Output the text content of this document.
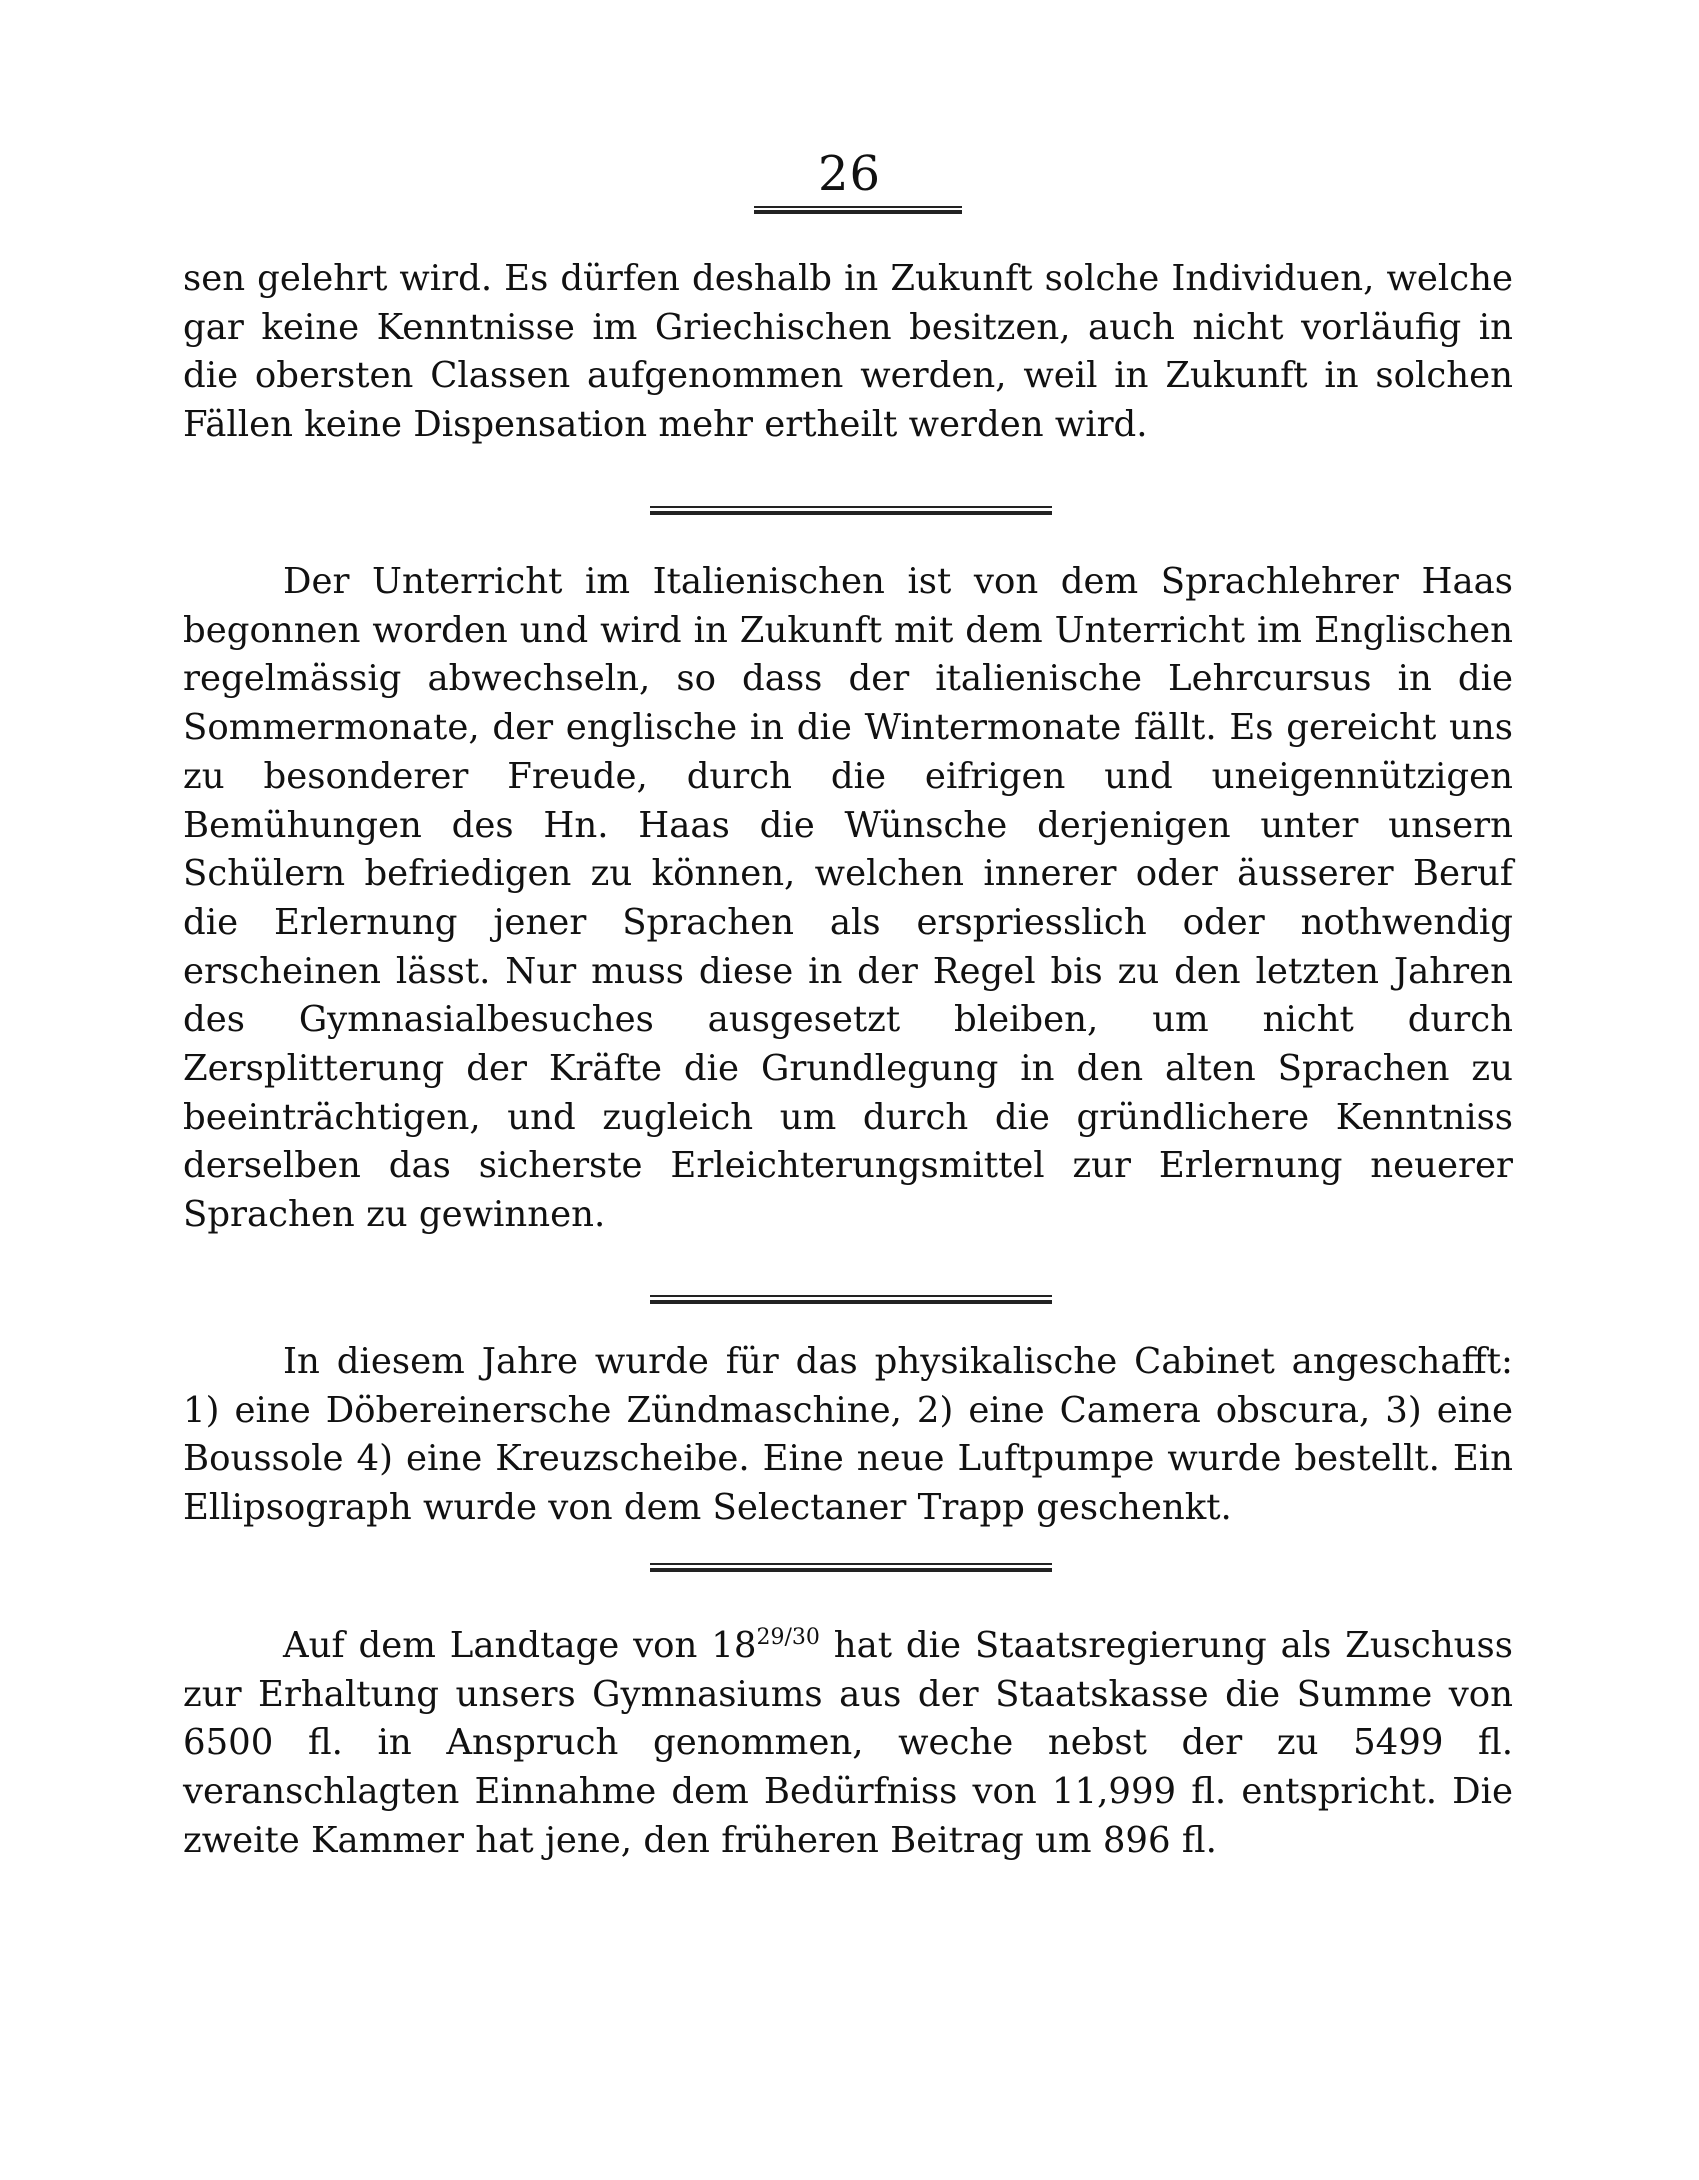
26

sen gelehrt wird. Es dürfen deshalb in Zukunft solche Individuen, welche gar keine Kenntnisse im Griechischen besitzen, auch nicht vorläufig in die obersten Classen aufgenommen werden, weil in Zukunft in solchen Fällen keine Dispensation mehr ertheilt werden wird.

Der Unterricht im Italienischen ist von dem Sprachlehrer Haas begonnen worden und wird in Zukunft mit dem Unterricht im Englischen regelmässig abwechseln, so dass der italienische Lehrcursus in die Sommermonate, der englische in die Wintermonate fällt. Es gereicht uns zu besonderer Freude, durch die eifrigen und uneigennützigen Bemühungen des Hn. Haas die Wünsche derjenigen unter unsern Schülern befriedigen zu können, welchen innerer oder äusserer Beruf die Erlernung jener Sprachen als erspriesslich oder nothwendig erscheinen lässt. Nur muss diese in der Regel bis zu den letzten Jahren des Gymnasialbesuches ausgesetzt bleiben, um nicht durch Zersplitterung der Kräfte die Grundlegung in den alten Sprachen zu beeinträchtigen, und zugleich um durch die gründlichere Kenntniss derselben das sicherste Erleichterungsmittel zur Erlernung neuerer Sprachen zu gewinnen.

In diesem Jahre wurde für das physikalische Cabinet angeschafft: 1) eine Döbereinersche Zündmaschine, 2) eine Camera obscura, 3) eine Boussole 4) eine Kreuzscheibe. Eine neue Luftpumpe wurde bestellt. Ein Ellipsograph wurde von dem Selectaner Trapp geschenkt.

Auf dem Landtage von $18^{29/30}$ hat die Staatsregierung als Zuschuss zur Erhaltung unsers Gymnasiums aus der Staatskasse die Summe von 6500 fl. in Anspruch genommen, weche nebst der zu 5499 fl. veranschlagten Einnahme dem Bedürfniss von 11,999 fl. entspricht. Die zweite Kammer hat jene, den früheren Beitrag um 896 fl.
